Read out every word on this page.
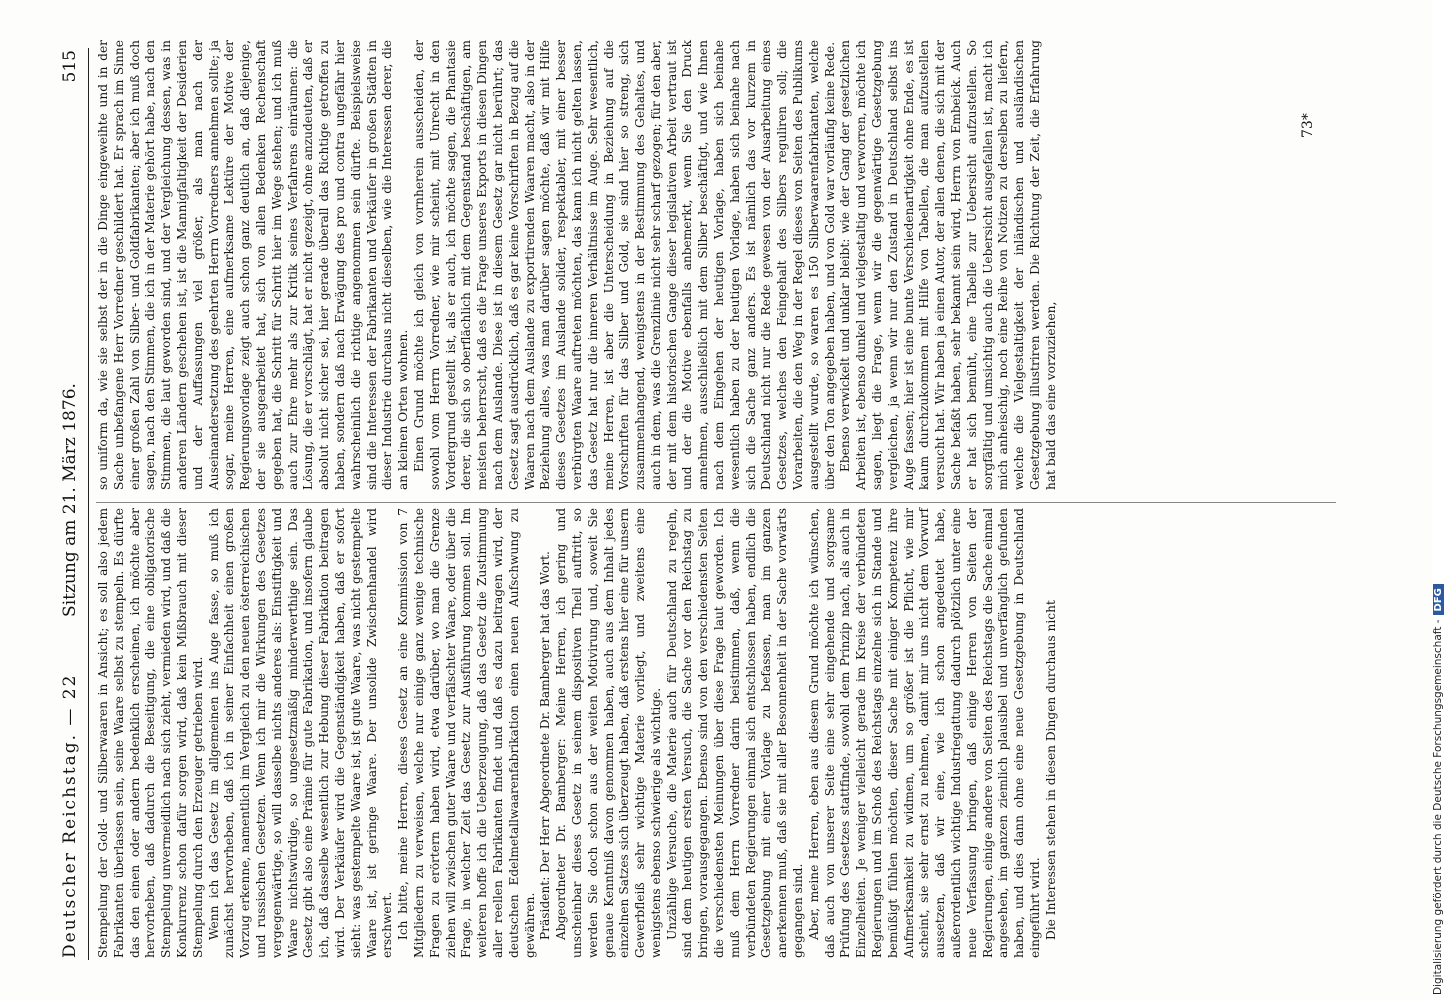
Deutscher Reichstag. — 22
Sitzung am 21. März 1876.
515

Stempelung der Gold- und Silberwaaren in Ansicht; es soll also jedem Fabrikanten überlassen sein, seine Waare selbst zu stempeln. Es dürfte das den einen oder andern bedenklich erscheinen, ich möchte aber hervorheben, daß dadurch die Beseitigung, die eine obligatorische Stempelung unvermeidlich nach sich zieht, vermieden wird, und daß die Konkurrenz schon dafür sorgen wird, daß kein Mißbrauch mit dieser Stempelung durch den Erzeuger getrieben wird. Wenn ich das Gesetz im allgemeinen ins Auge fasse, so muß ich zunächst hervorheben, daß ich in seiner Einfachheit einen großen Vorzug erkenne, namentlich im Vergleich zu den neuen österreichischen und russischen Gesetzen. Wenn ich mir die Wirkungen des Gesetzes vergegenwärtige, so will dasselbe nichts anderes als: Einstiftigkeit und Waare nichtswürdige, so ungesetzmäßig minderwerthige sein. Das Gesetz gibt also eine Prämie für gute Fabrikation, und insofern glaube ich, daß dasselbe wesentlich zur Hebung dieser Fabrikation beitragen wird. Der Verkäufer wird die Gegenständigkeit haben, daß er sofort sieht: was gestempelte Waare ist, ist gute Waare, was nicht gestempelte Waare ist, ist geringe Waare. Der unsolide Zwischenhandel wird erschwert. Ich bitte, meine Herren, dieses Gesetz an eine Kommission von 7 Mitgliedern zu verweisen, welche nur einige ganz wenige technische Fragen zu erörtern haben wird, etwa darüber, wo man die Grenze ziehen will zwischen guter Waare und verfälschter Waare, oder über die Frage, in welcher Zeit das Gesetz zur Ausführung kommen soll. Im weiteren hoffe ich die Ueberzeugung, daß das Gesetz die Zustimmung aller reellen Fabrikanten findet und daß es dazu beitragen wird, der deutschen Edelmetallwaarenfabrikation einen neuen Aufschwung zu gewähren. Präsident: Der Herr Abgeordnete Dr. Bamberger hat das Wort. Abgeordneter Dr. Bamberger: Meine Herren, ich gering und unscheinbar dieses Gesetz in seinem dispositiven Theil auftritt, so werden Sie doch schon aus der weiten Motivirung und, soweit Sie genaue Kenntniß davon genommen haben, auch aus dem Inhalt jedes einzelnen Satzes sich überzeugt haben, daß erstens hier eine für unsern Gewerbfleiß sehr wichtige Materie vorliegt, und zweitens eine wenigstens ebenso schwierige als wichtige. Unzählige Versuche, die Materie auch für Deutschland zu regeln, sind dem heutigen ersten Versuch, die Sache vor den Reichstag zu bringen, vorausgegangen. Ebenso sind von den verschiedensten Seiten die verschiedensten Meinungen über diese Frage laut geworden. Ich muß dem Herrn Vorredner darin beistimmen, daß, wenn die verbündeten Regierungen einmal sich entschlossen haben, endlich die Gesetzgebung mit einer Vorlage zu befassen, man im ganzen anerkennen muß, daß sie mit aller Besonnenheit in der Sache vorwärts gegangen sind. Aber, meine Herren, eben aus diesem Grund möchte ich wünschen, daß auch von unserer Seite eine sehr eingehende und sorgsame Prüfung des Gesetzes stattfinde, sowohl dem Prinzip nach, als auch in Einzelheiten. Je weniger vielleicht gerade im Kreise der verbündeten Regierungen und im Schoß des Reichstags einzelne sich in Stande und bemüßigt fühlen möchten, dieser Sache mit einiger Kompetenz ihre Aufmerksamkeit zu widmen, um so größer ist die Pflicht, wie mir scheint, sie sehr ernst zu nehmen, damit mir uns nicht dem Vorwurf aussetzen, daß wir eine, wie ich schon angedeutet habe, außerordentlich wichtige Industriegattung dadurch plötzlich unter eine neue Verfassung bringen, daß einige Herren von Seiten der Regierungen, einige andere von Seiten des Reichstags die Sache einmal angesehen, im ganzen ziemlich plausibel und unverfänglich gefunden haben, und dies dann ohne eine neue Gesetzgebung in Deutschland eingeführt wird. Die Interessen stehen in diesen Dingen durchaus nicht

so uniform da, wie sie selbst der in die Dinge eingeweihte und in der Sache unbefangene Herr Vorredner geschildert hat. Er sprach im Sinne einer großen Zahl von Silber- und Goldfabrikanten; aber ich muß doch sagen, nach den Stimmen, die ich in der Materie gehört habe, nach den Stimmen, die laut geworden sind, und der Vergleichung dessen, was in anderen Ländern geschehen ist, ist die Mannigfaltigkeit der Desiderien und der Auffassungen viel größer, als man nach der Auseinandersetzung des geehrten Herrn Vorredners annehmen sollte; ja sogar, meine Herren, eine aufmerksame Lektüre der Motive der Regierungsvorlage zeigt auch schon ganz deutlich an, daß diejenige, der sie ausgearbeitet hat, sich von allen Bedenken Rechenschaft gegeben hat, die Schritt für Schritt hier im Wege stehen; und ich muß auch zur Ehre mehr als zur Kritik seines Verfahrens einräumen: die Lösung, die er vorschlägt, hat er nicht gezeigt, ohne anzudeuten, daß er absolut nicht sicher sei, hier gerade überall das Richtige getroffen zu haben, sondern daß nach Erwägung des pro und contra ungefähr hier wahrscheinlich die richtige angenommen sein dürfte. Beispielsweise sind die Interessen der Fabrikanten und Verkäufer in großen Städten in dieser Industrie durchaus nicht dieselben, wie die Interessen derer, die an kleinen Orten wohnen. Einen Grund möchte ich gleich von vornherein ausscheiden, der sowohl vom Herrn Vorredner, wie mir scheint, mit Unrecht in den Vordergrund gestellt ist, als er auch, ich möchte sagen, die Phantasie derer, die sich so oberflächlich mit dem Gegenstand beschäftigen, am meisten beherrscht, daß es die Frage unseres Exports in diesen Dingen nach dem Auslande. Diese ist in diesem Gesetz gar nicht berührt; das Gesetz sagt ausdrücklich, daß es gar keine Vorschriften in Bezug auf die Waaren nach dem Auslande zu exportirenden Waaren macht, also in der Beziehung alles, was man darüber sagen möchte, daß wir mit Hilfe dieses Gesetzes im Auslande solider, respektabler, mit einer besser verbürgten Waare auftreten möchten, das kann ich nicht gelten lassen, das Gesetz hat nur die inneren Verhältnisse im Auge. Sehr wesentlich, meine Herren, ist aber die Unterscheidung in Beziehung auf die Vorschriften für das Silber und Gold, sie sind hier so streng, sich zusammenhangend, wenigstens in der Bestimmung des Gehaltes, und auch in dem, was die Grenzlinie nicht sehr scharf gezogen; für den aber, der mit dem historischen Gange dieser legislativen Arbeit vertraut ist und der die Motive ebenfalls anbemerkt, wenn Sie den Druck annehmen, ausschließlich mit dem Silber beschäftigt, und wie Ihnen nach dem Eingehen der heutigen Vorlage, haben sich beinahe wesentlich haben zu der heutigen Vorlage, haben sich beinahe nach sich die Sache ganz anders. Es ist nämlich das vor kurzem in Deutschland nicht nur die Rede gewesen von der Ausarbeitung eines Gesetzes, welches den Feingehalt des Silbers reguliren soll; die Vorarbeiten, die den Weg in der Regel dieses von Seiten des Publikums ausgestellt wurde, so waren es 150 Silberwaarenfabrikanten, welche über den Ton angegeben haben, und von Gold war vorläufig keine Rede. Ebenso verwickelt und unklar bleibt: wie der Gang der gesetzlichen Arbeiten ist, ebenso dunkel und vielgestaltig und verworren, möchte ich sagen, liegt die Frage, wenn wir die gegenwärtige Gesetzgebung vergleichen, ja wenn wir nur den Zustand in Deutschland selbst ins Auge fassen; hier ist eine bunte Verschiedenartigkeit ohne Ende, es ist kaum durchzukommen mit Hilfe von Tabellen, die man aufzustellen versucht hat. Wir haben ja einen Autor, der allen denen, die sich mit der Sache befaßt haben, sehr bekannt sein wird, Herrn von Embeick. Auch er hat sich bemüht, eine Tabelle zur Uebersicht aufzustellen. So sorgfältig und umsichtig auch die Uebersicht ausgefallen ist, macht ich mich anheischig, noch eine Reihe von Notizen zu derselben zu liefern, welche die Vielgestaltigkeit der inländischen und ausländischen Gesetzgebung illustriren werden. Die Richtung der Zeit, die Erfahrung hat bald das eine vorzuziehen,

73*
Digitalisierung gefördert durch die Deutsche Forschungsgemeinschaft -DFG
